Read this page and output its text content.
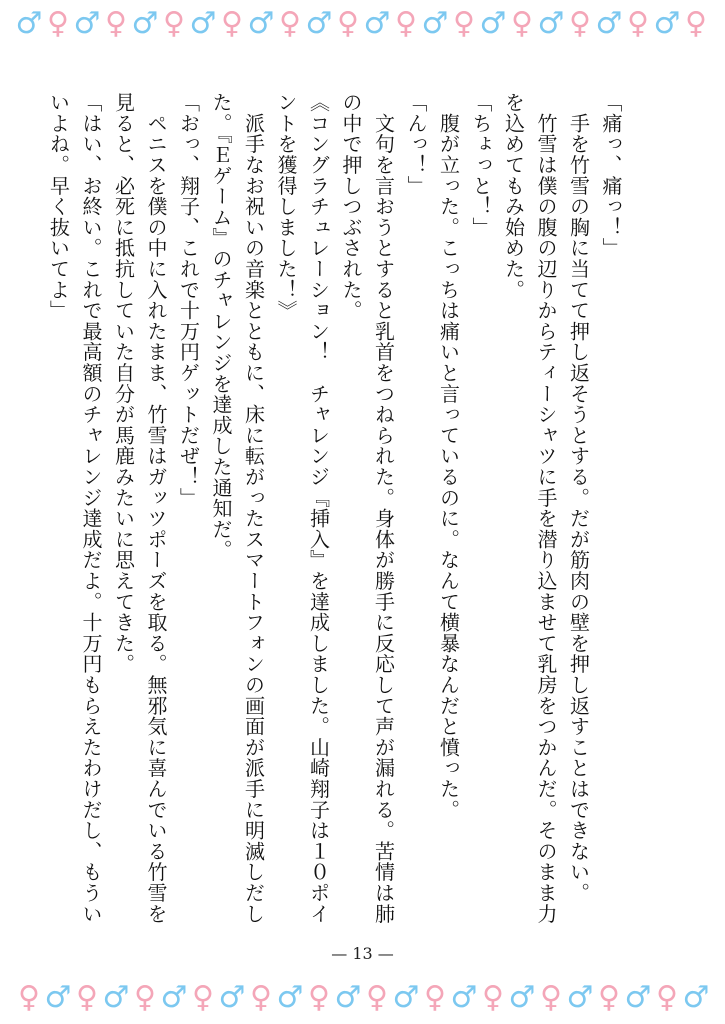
♂ ♀ ♂ ♀ ♂ ♀ ♂ ♀ ♂ ♀ ♂ ♀ ♂ ♀ ♂ ♀ ♂ ♀ ♂ ♀ ♂ ♀ ♂ ♀

「痛っ、痛っ！」

　手を竹雪の胸に当てて押し返そうとする。だが筋肉の壁を押し返すことはできない。

　竹雪は僕の腹の辺りからティーシャツに手を潜り込ませて乳房をつかんだ。そのまま力を込めてもみ始めた。

「ちょっと！」

　腹が立った。こっちは痛いと言っているのに。なんて横暴なんだと憤った。

「んっ！」

　文句を言おうとすると乳首をつねられた。身体が勝手に反応して声が漏れる。苦情は肺の中で押しつぶされた。

《コングラチュレーション！　チャレンジ『挿入』を達成しました。山崎翔子は１０ポイントを獲得しました！》

　派手なお祝いの音楽とともに、床に転がったスマートフォンの画面が派手に明滅しだした。『Ｅゲーム』のチャレンジを達成した通知だ。

「おっ、翔子、これで十万円ゲットだぜ！」

　ペニスを僕の中に入れたまま、竹雪はガッツポーズを取る。無邪気に喜んでいる竹雪を見ると、必死に抵抗していた自分が馬鹿みたいに思えてきた。

「はい、お終い。これで最高額のチャレンジ達成だよ。十万円もらえたわけだし、もういいよね。早く抜いてよ」

— 13 —
♀ ♂ ♀ ♂ ♀ ♂ ♀ ♂ ♀ ♂ ♀ ♂ ♀ ♂ ♀ ♂ ♀ ♂ ♀ ♂ ♀ ♂ ♀ ♂
